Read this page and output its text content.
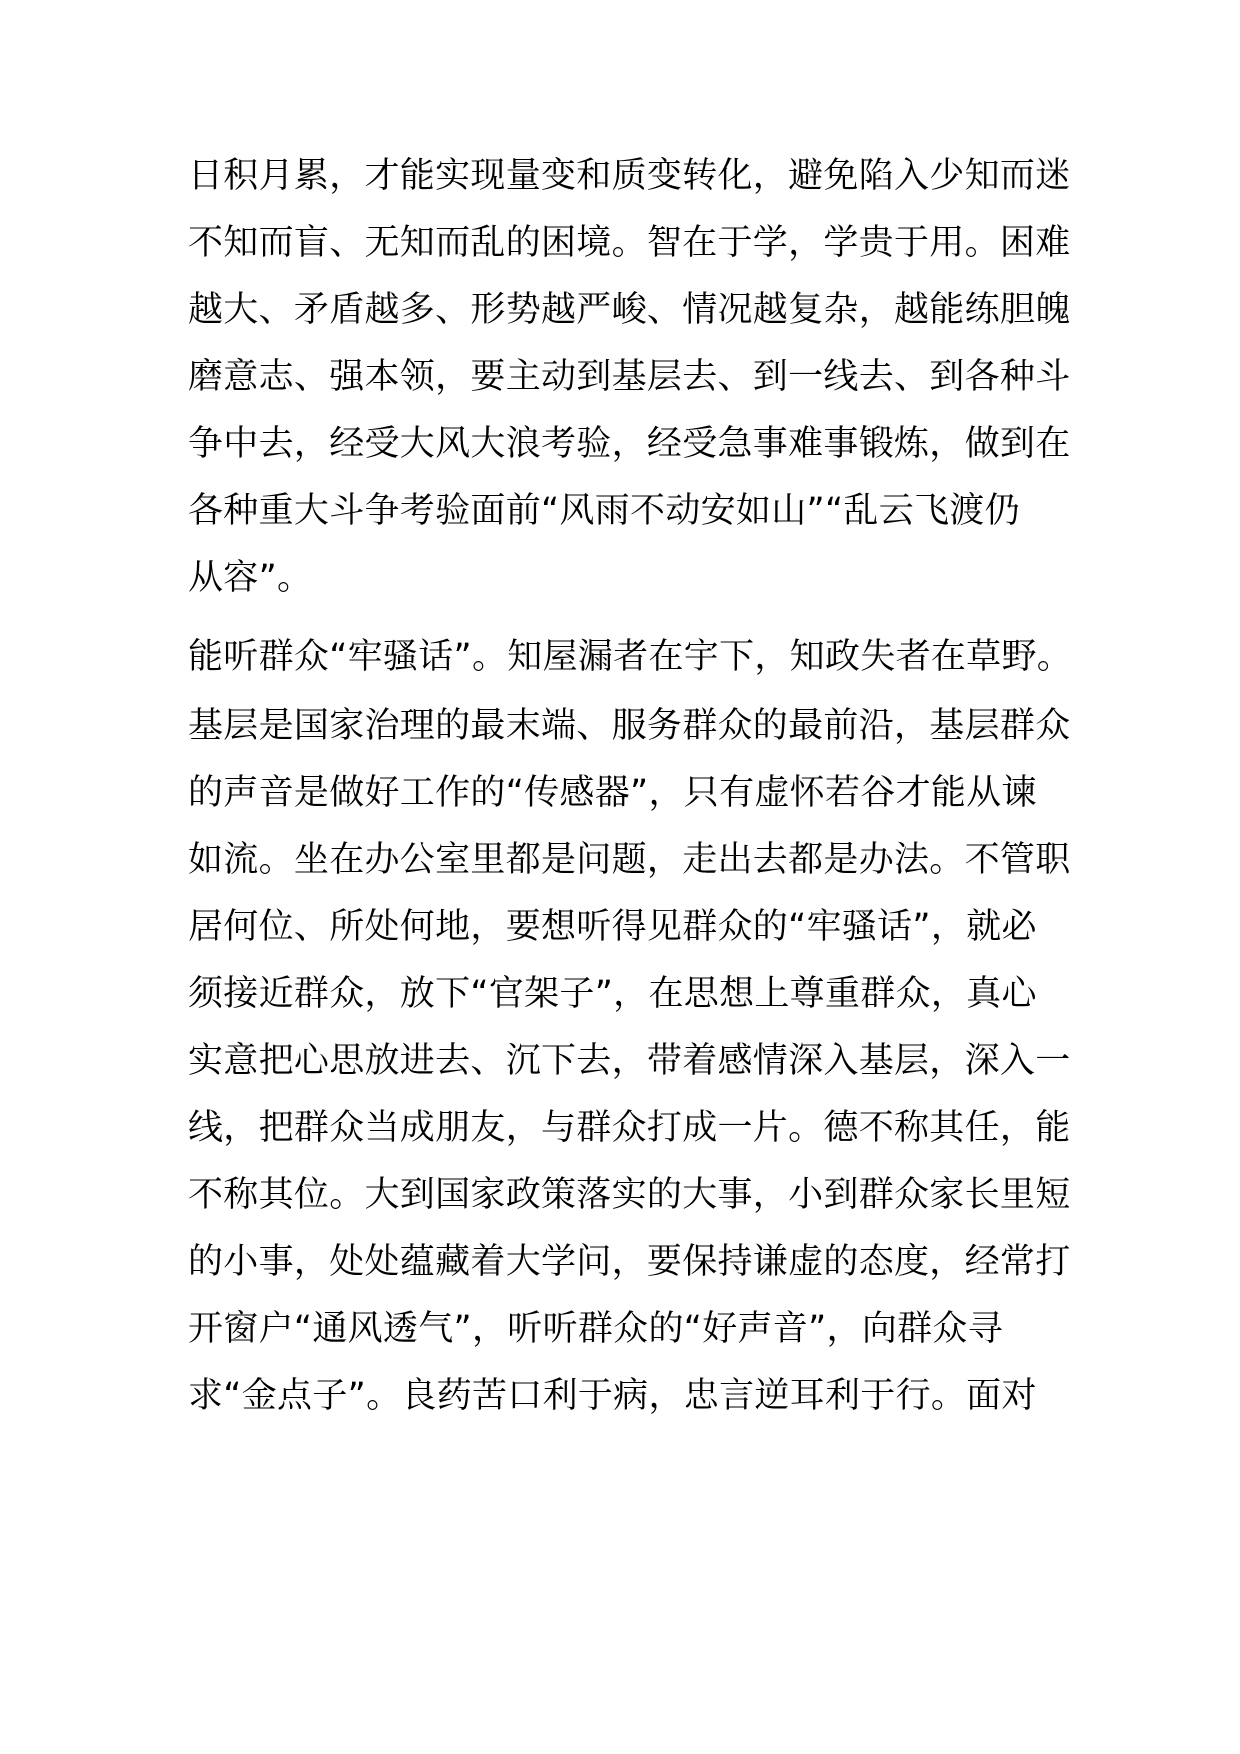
日积月累，才能实现量变和质变转化，避免陷入少知而迷
不知而盲、无知而乱的困境。智在于学，学贵于用。困难
越大、矛盾越多、形势越严峻、情况越复杂，越能练胆魄
磨意志、强本领，要主动到基层去、到一线去、到各种斗
争中去，经受大风大浪考验，经受急事难事锻炼，做到在
各种重大斗争考验面前“风雨不动安如山”“乱云飞渡仍
从容”。
能听群众“牢骚话”。知屋漏者在宇下，知政失者在草野。
基层是国家治理的最末端、服务群众的最前沿，基层群众
的声音是做好工作的“传感器”，只有虚怀若谷才能从谏
如流。坐在办公室里都是问题，走出去都是办法。不管职
居何位、所处何地，要想听得见群众的“牢骚话”，就必
须接近群众，放下“官架子”，在思想上尊重群众，真心
实意把心思放进去、沉下去，带着感情深入基层，深入一
线，把群众当成朋友，与群众打成一片。德不称其任，能
不称其位。大到国家政策落实的大事，小到群众家长里短
的小事，处处蕴藏着大学问，要保持谦虚的态度，经常打
开窗户“通风透气”，听听群众的“好声音”，向群众寻
求“金点子”。良药苦口利于病，忠言逆耳利于行。面对
